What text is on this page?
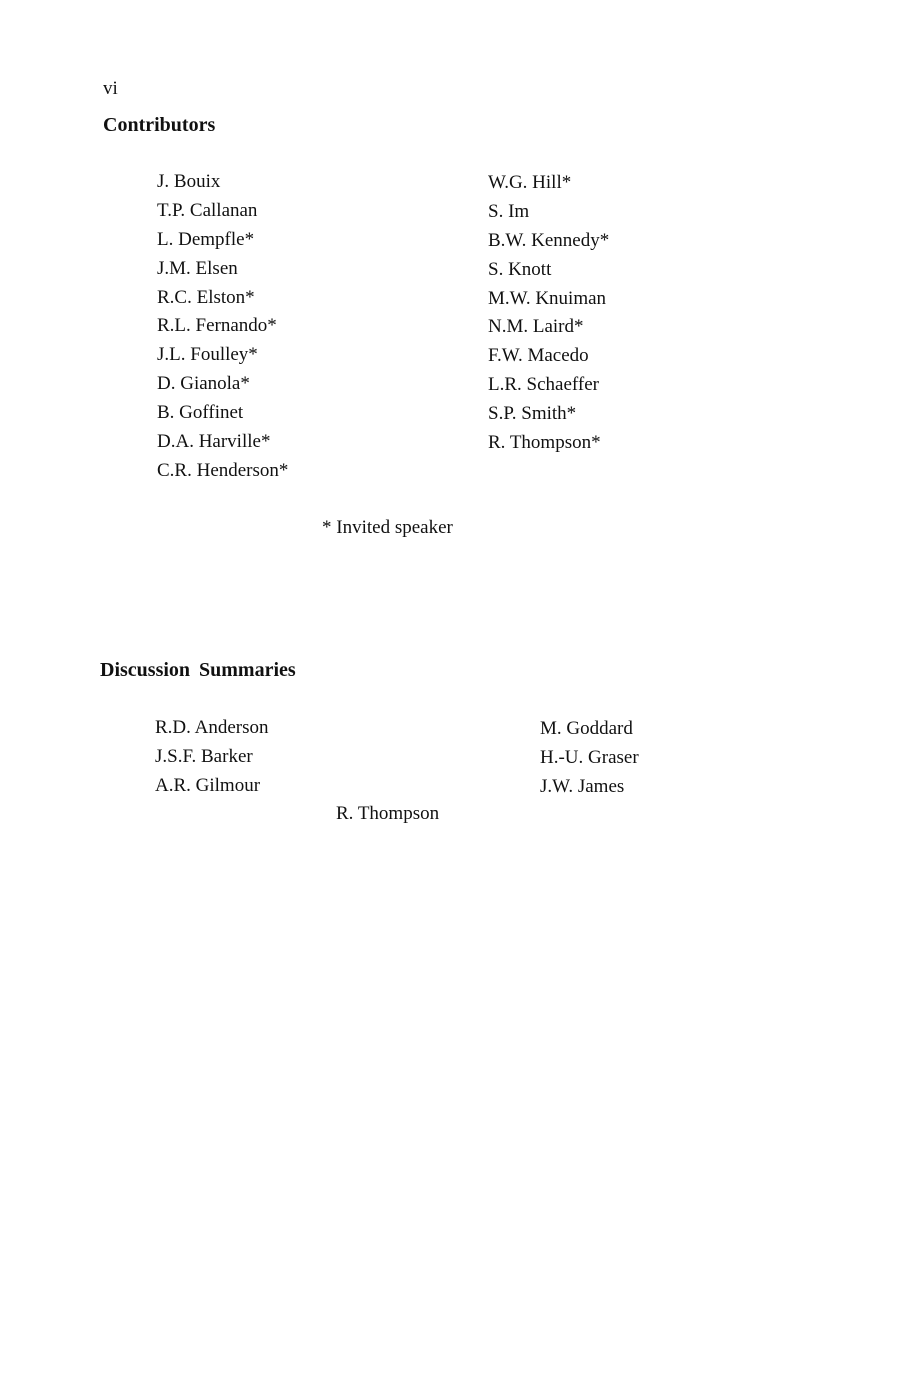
vi
Contributors
J. Bouix
T.P. Callanan
L. Dempfle*
J.M. Elsen
R.C. Elston*
R.L. Fernando*
J.L. Foulley*
D. Gianola*
B. Goffinet
D.A. Harville*
C.R. Henderson*
W.G. Hill*
S. Im
B.W. Kennedy*
S. Knott
M.W. Knuiman
N.M. Laird*
F.W. Macedo
L.R. Schaeffer
S.P. Smith*
R. Thompson*
* Invited speaker
Discussion Summaries
R.D. Anderson
J.S.F. Barker
A.R. Gilmour
M. Goddard
H.-U. Graser
J.W. James
R. Thompson
